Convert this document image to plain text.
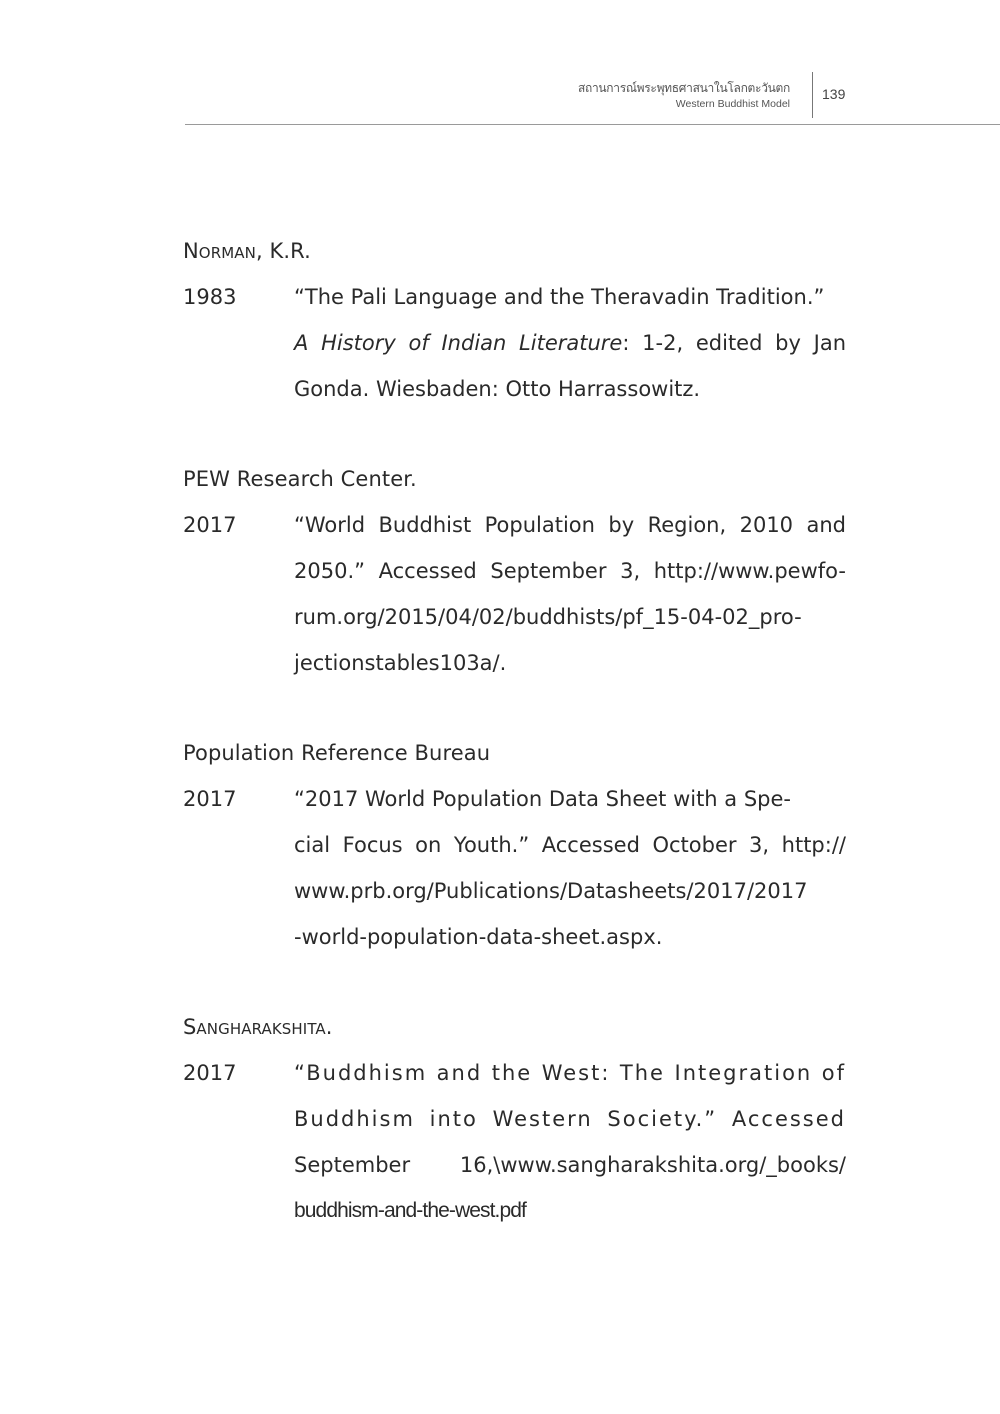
สถานการณ์พระพุทธศาสนาในโลกตะวันตก
Western Buddhist Model
139
Norman, K.R.
1983	“The Pali Language and the Theravadin Tradition.”
A History of Indian Literature: 1-2, edited by Jan
Gonda. Wiesbaden: Otto Harrassowitz.
PEW Research Center.
2017	“World Buddhist Population by Region, 2010 and
2050.” Accessed September 3, http://www.pewfo-
rum.org/2015/04/02/buddhists/pf_15-04-02_pro-
jectionstables103a/.
Population Reference Bureau
2017	“2017 World Population Data Sheet with a Spe-
cial Focus on Youth.” Accessed October 3, http://
www.prb.org/Publications/Datasheets/2017/2017
-world-population-data-sheet.aspx.
Sangharakshita.
2017	“Buddhism and the West: The Integration of
Buddhism into Western Society.” Accessed
September 16,\www.sangharakshita.org/_books/
buddhism-and-the-west.pdf
